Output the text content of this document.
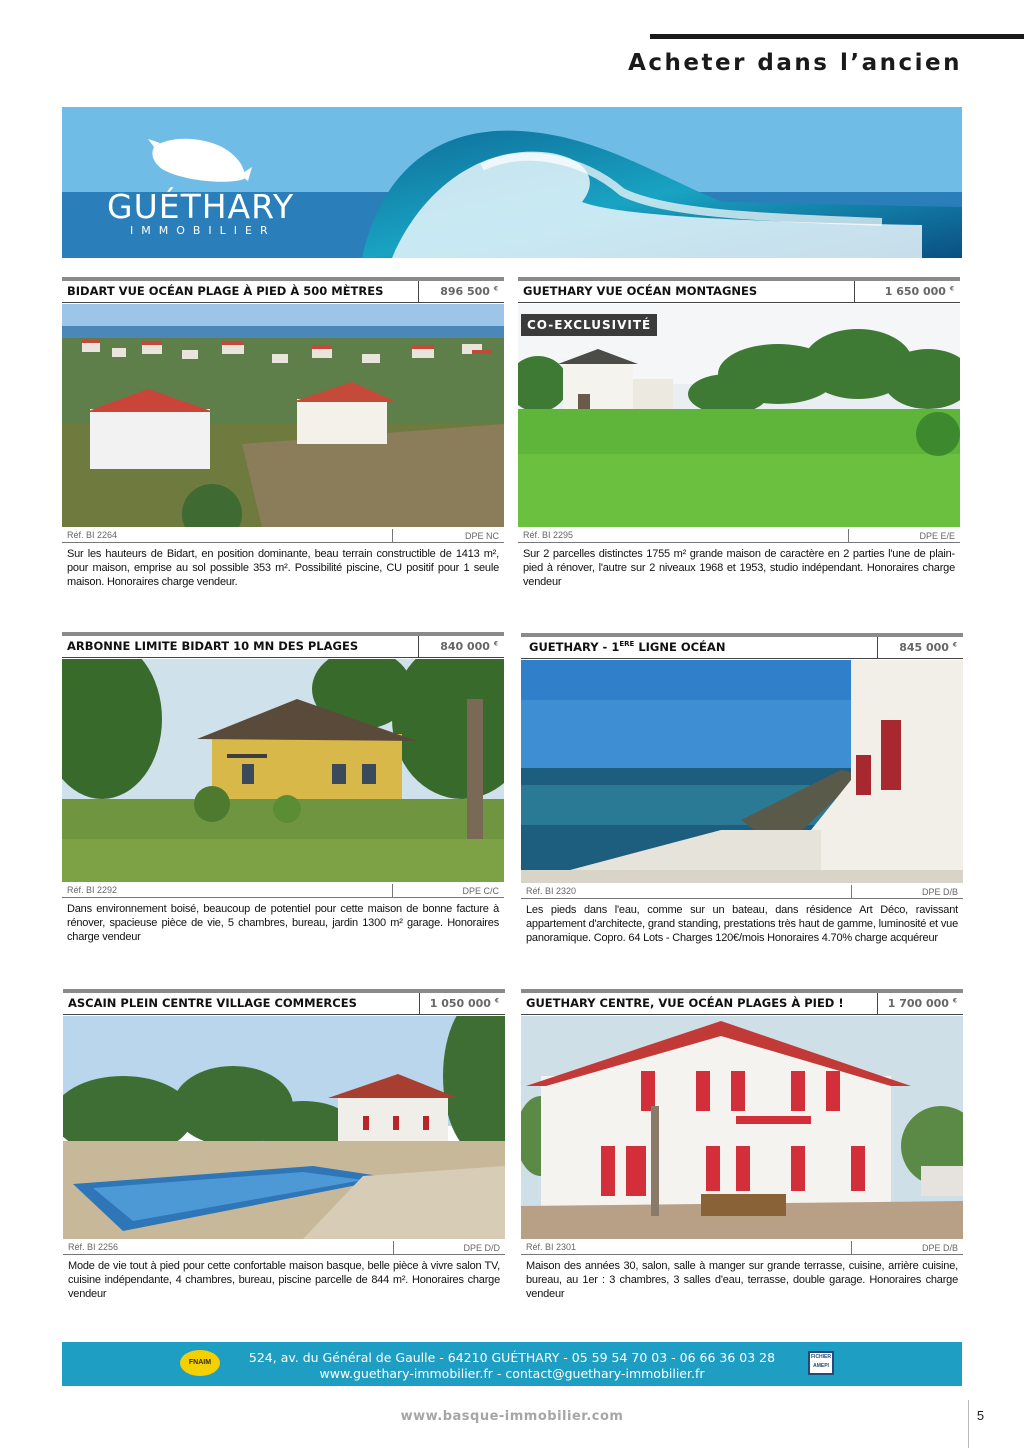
Acheter dans l’ancien
GUÉTHARY
IMMOBILIER
BIDART VUE OCÉAN PLAGE À PIED À 500 MÈTRES	896 500 €
Réf. BI 2264	DPE NC
Sur les hauteurs de Bidart, en position dominante, beau terrain constructible de 1413 m², pour maison, emprise au sol possible 353 m². Possibilité piscine, CU positif pour 1 seule maison. Honoraires charge vendeur.
GUETHARY VUE OCÉAN MONTAGNES	1 650 000 €
CO-EXCLUSIVITÉ
Réf. BI 2295	DPE E/E
Sur 2 parcelles distinctes 1755 m² grande maison de caractère en 2 parties l'une de plain-pied à rénover, l'autre sur 2 niveaux 1968 et 1953, studio indépendant. Honoraires charge vendeur
ARBONNE LIMITE BIDART 10 MN DES PLAGES	840 000 €
Réf. BI 2292	DPE C/C
Dans environnement boisé, beaucoup de potentiel pour cette maison de bonne facture à rénover, spacieuse pièce de vie, 5 chambres, bureau, jardin 1300 m² garage. Honoraires charge vendeur
GUETHARY - 1ERE LIGNE OCÉAN	845 000 €
Réf. BI 2320	DPE D/B
Les pieds dans l'eau, comme sur un bateau, dans résidence Art Déco, ravissant appartement d'architecte, grand standing, prestations très haut de gamme, luminosité et vue panoramique. Copro. 64 Lots - Charges 120€/mois Honoraires 4.70% charge acquéreur
ASCAIN PLEIN CENTRE VILLAGE COMMERCES	1 050 000 €
Réf. BI 2256	DPE D/D
Mode de vie tout à pied pour cette confortable maison basque, belle pièce à vivre salon TV, cuisine indépendante, 4 chambres, bureau, piscine parcelle de 844 m². Honoraires charge vendeur
GUETHARY CENTRE, VUE OCÉAN PLAGES À PIED !	1 700 000 €
Réf. BI 2301	DPE D/B
Maison des années 30, salon, salle à manger sur grande terrasse, cuisine, arrière cuisine, bureau, au 1er : 3 chambres, 3 salles d'eau, terrasse, double garage. Honoraires charge vendeur
FNAIM	524, av. du Général de Gaulle - 64210 GUÉTHARY - 05 59 54 70 03 - 06 66 36 03 28
www.guethary-immobilier.fr - contact@guethary-immobilier.fr
FICHIER AMEPI
www.basque-immobilier.com	5
